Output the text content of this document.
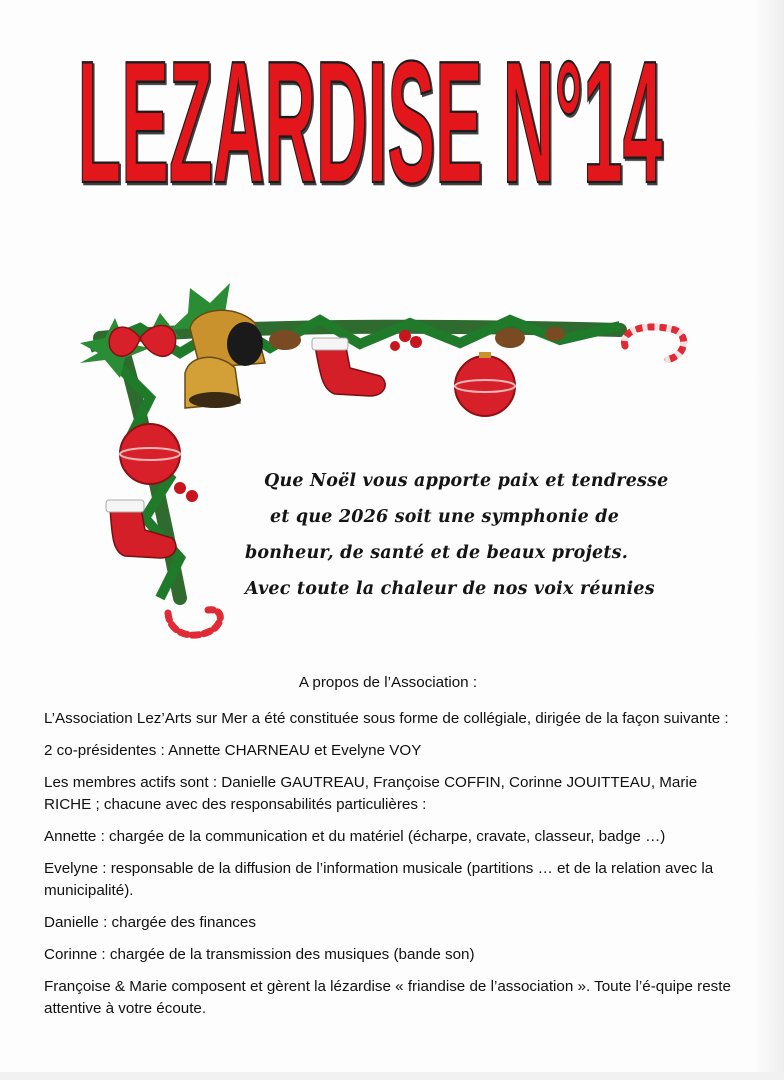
LEZARDISE N°14
Que Noël vous apporte paix et tendresse
et que 2026 soit une symphonie de
bonheur, de santé et de beaux projets.
Avec toute la chaleur de nos voix réunies
A propos de l’Association :

L’Association Lez’Arts sur Mer a été constituée sous forme de collégiale, dirigée de la façon suivante :

2 co-présidentes : Annette CHARNEAU et Evelyne VOY

Les membres actifs sont : Danielle GAUTREAU, Françoise COFFIN, Corinne JOUITTEAU, Marie RICHE ; chacune avec des responsabilités particulières :

Annette : chargée de la communication et du matériel (écharpe, cravate, classeur, badge …)

Evelyne : responsable de la diffusion de l’information musicale (partitions … et de la relation avec la municipalité).

Danielle : chargée des finances

Corinne : chargée de la transmission des musiques (bande son)

Françoise & Marie composent et gèrent la lézardise « friandise de l’association ». Toute l’é-quipe reste attentive à votre écoute.
